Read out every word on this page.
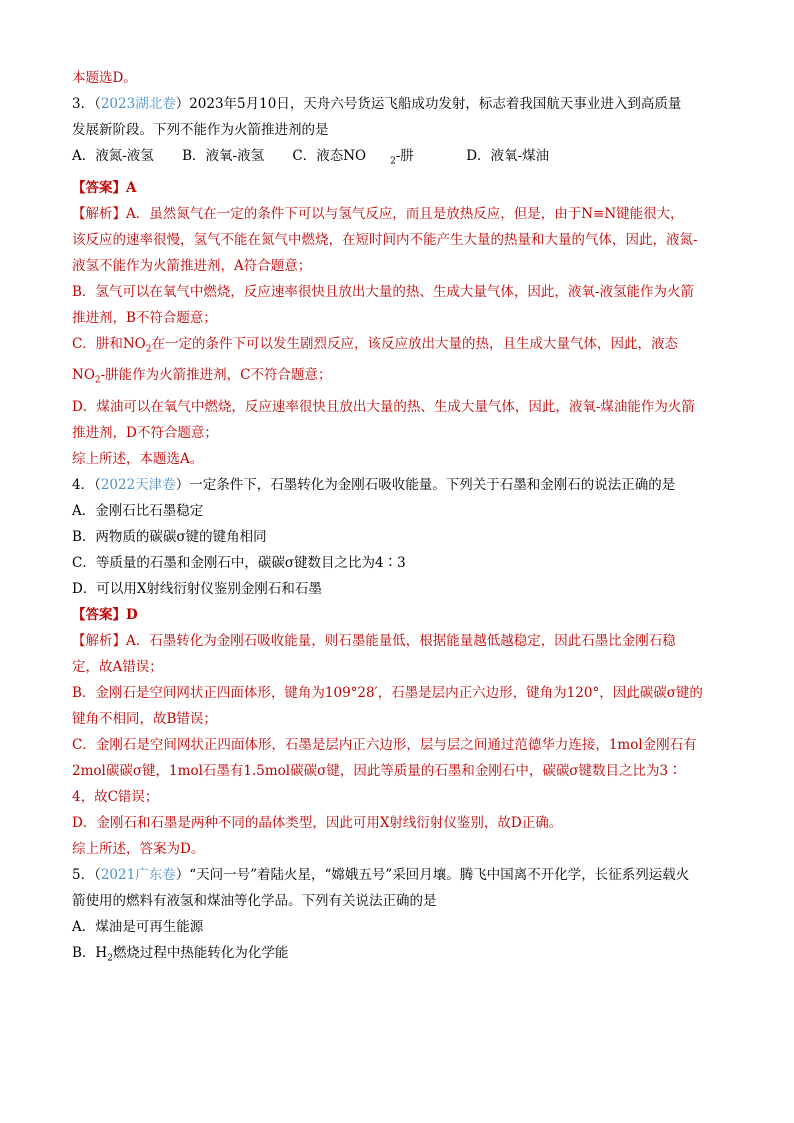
本题选D。

3．（2023湖北卷）2023年5月10日，天舟六号货运飞船成功发射，标志着我国航天事业进入到高质量

发展新阶段。下列不能作为火箭推进剂的是

A．液氮-液氢 B．液氧-液氢 C．液态NO	$_2$-肼	D．液氧-煤油

【答案】A

【解析】A．虽然氮气在一定的条件下可以与氢气反应，而且是放热反应，但是，由于N≡N键能很大，

该反应的速率很慢，氢气不能在氮气中燃烧，在短时间内不能产生大量的热量和大量的气体，因此，液氮-

液氢不能作为火箭推进剂，A符合题意；

B．氢气可以在氧气中燃烧，反应速率很快且放出大量的热、生成大量气体，因此，液氧-液氢能作为火箭

推进剂，B不符合题意；

C．肼和$NO_2$在一定的条件下可以发生剧烈反应，该反应放出大量的热，且生成大量气体，因此，液态

$NO_2-$肼能作为火箭推进剂，C不符合题意；

D．煤油可以在氧气中燃烧，反应速率很快且放出大量的热、生成大量气体，因此，液氧-煤油能作为火箭

推进剂，D不符合题意；

综上所述，本题选A。

4．（2022天津卷）一定条件下，石墨转化为金刚石吸收能量。下列关于石墨和金刚石的说法正确的是

A．金刚石比石墨稳定

B．两物质的碳碳σ键的键角相同

C．等质量的石墨和金刚石中，碳碳σ键数目之比为4∶3

D．可以用X射线衍射仪鉴别金刚石和石墨

【答案】D

【解析】A．石墨转化为金刚石吸收能量，则石墨能量低，根据能量越低越稳定，因此石墨比金刚石稳

定，故A错误；

B．金刚石是空间网状正四面体形，键角为109°28′，石墨是层内正六边形，键角为120°，因此碳碳σ键的

键角不相同，故B错误；

C．金刚石是空间网状正四面体形，石墨是层内正六边形，层与层之间通过范德华力连接，1mol金刚石有

2mol碳碳σ键，1mol石墨有1.5mol碳碳σ键，因此等质量的石墨和金刚石中，碳碳σ键数目之比为3∶

4，故C错误；

D．金刚石和石墨是两种不同的晶体类型，因此可用X射线衍射仪鉴别，故D正确。

综上所述，答案为D。

5．（2021广东卷）“天问一号”着陆火星，“嫦娥五号”采回月壤。腾飞中国离不开化学，长征系列运载火

箭使用的燃料有液氢和煤油等化学品。下列有关说法正确的是

A．煤油是可再生能源

B．$H_2$燃烧过程中热能转化为化学能
